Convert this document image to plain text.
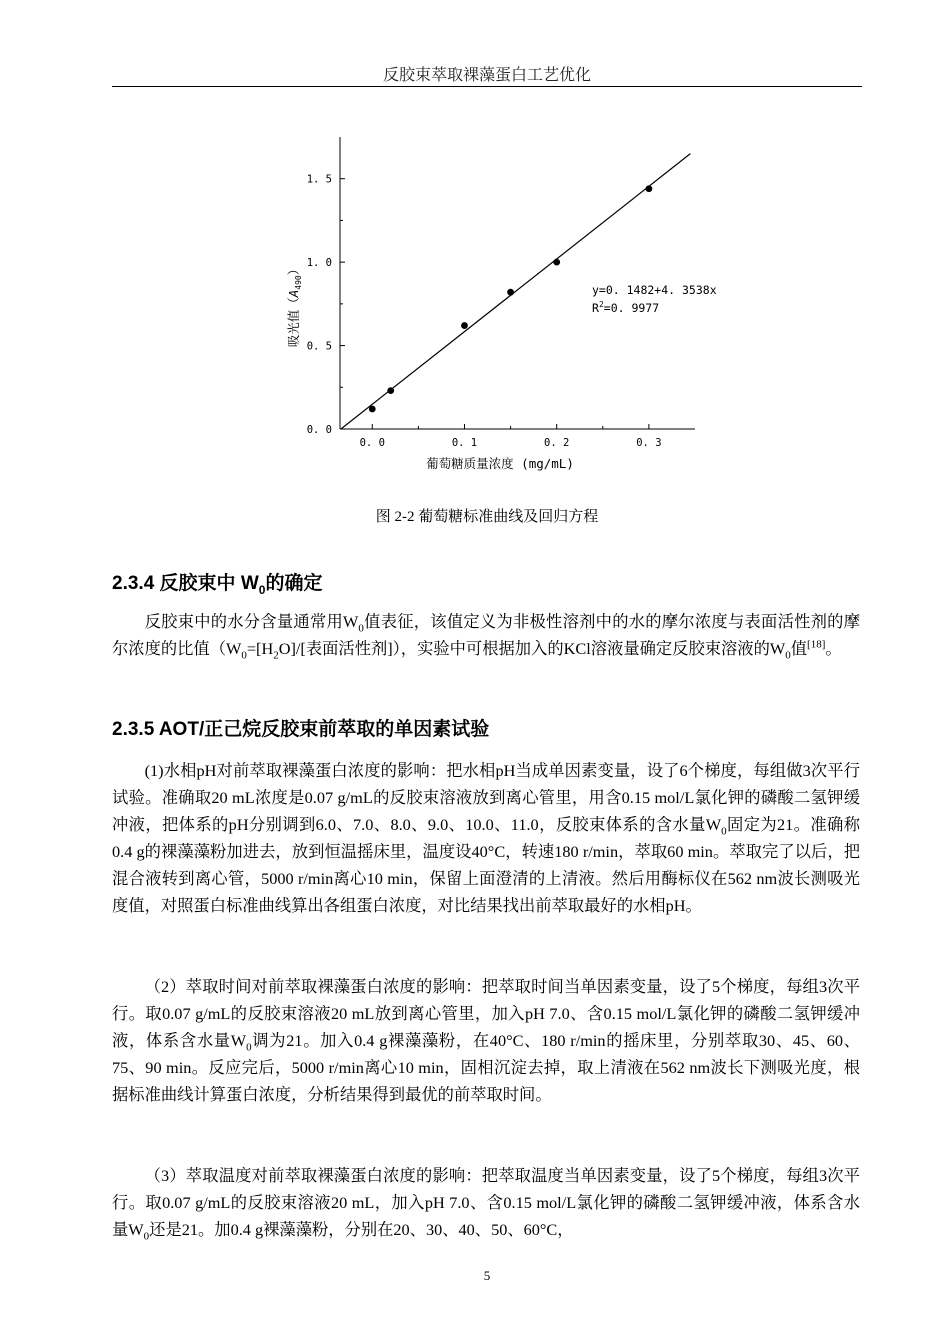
反胶束萃取裸藻蛋白工艺优化
0. 0	0. 1	0. 2	0. 3
0. 0
0. 5
1. 0
1. 5
y=0. 1482+4. 3538x
$R^2=0$. 9977
葡萄糖质量浓度 (mg/mL)
吸光值$(A_{490})$
图 2-2 葡萄糖标准曲线及回归方程
2.3.4 反胶束中 $W_0$的确定

反胶束中的水分含量通常用$W_0$值表征，该值定义为非极性溶剂中的水的摩尔浓度与表面活性剂的摩尔浓度的比值（$W_0=[H_2O]/$[表面活性剂]），实验中可根据加入的KCl溶液量确定反胶束溶液的$W_0$值[18]。

2.3.5 AOT/正己烷反胶束前萃取的单因素试验

(1)水相pH对前萃取裸藻蛋白浓度的影响：把水相pH当成单因素变量，设了6个梯度，每组做3次平行试验。准确取20 mL浓度是0.07 g/mL的反胶束溶液放到离心管里，用含0.15 mol/L氯化钾的磷酸二氢钾缓冲液，把体系的pH分别调到6.0、7.0、8.0、9.0、10.0、11.0，反胶束体系的含水量$W_0$固定为21。准确称0.4 g的裸藻藻粉加进去，放到恒温摇床里，温度设40°C，转速180 r/min，萃取60 min。萃取完了以后，把混合液转到离心管，5000 r/min离心10 min，保留上面澄清的上清液。然后用酶标仪在562 nm波长测吸光度值，对照蛋白标准曲线算出各组蛋白浓度，对比结果找出前萃取最好的水相pH。

（2）萃取时间对前萃取裸藻蛋白浓度的影响：把萃取时间当单因素变量，设了5个梯度，每组3次平行。取0.07 g/mL的反胶束溶液20 mL放到离心管里，加入pH 7.0、含0.15 mol/L氯化钾的磷酸二氢钾缓冲液，体系含水量$W_0$调为21。加入0.4 g裸藻藻粉，在40°C、180 r/min的摇床里，分别萃取30、45、60、75、90 min。反应完后，5000 r/min离心10 min，固相沉淀去掉，取上清液在562 nm波长下测吸光度，根据标准曲线计算蛋白浓度，分析结果得到最优的前萃取时间。

（3）萃取温度对前萃取裸藻蛋白浓度的影响：把萃取温度当单因素变量，设了5个梯度，每组3次平行。取0.07 g/mL的反胶束溶液20 mL，加入pH 7.0、含0.15 mol/L氯化钾的磷酸二氢钾缓冲液，体系含水量$W_0$还是21。加0.4 g裸藻藻粉，分别在20、30、40、50、60°C，

5
